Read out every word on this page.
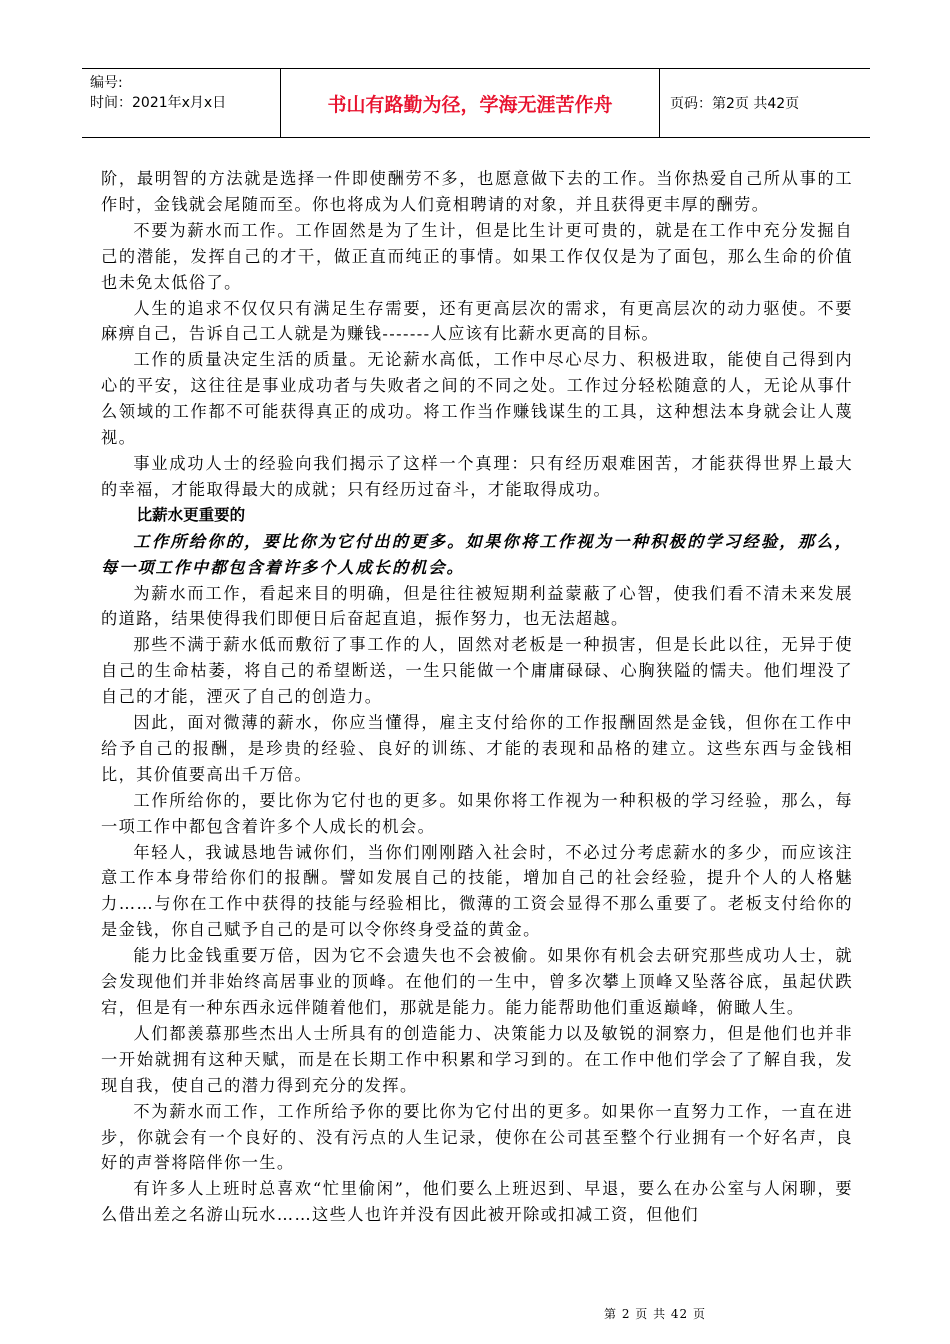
编号:
时间：2021年x月x日	书山有路勤为径，学海无涯苦作舟	页码：第2页 共42页

阶，最明智的方法就是选择一件即使酬劳不多，也愿意做下去的工作。当你热爱自己所从事的工作时，金钱就会尾随而至。你也将成为人们竟相聘请的对象，并且获得更丰厚的酬劳。

不要为薪水而工作。工作固然是为了生计，但是比生计更可贵的，就是在工作中充分发掘自己的潜能，发挥自己的才干，做正直而纯正的事情。如果工作仅仅是为了面包，那么生命的价值也未免太低俗了。

人生的追求不仅仅只有满足生存需要，还有更高层次的需求，有更高层次的动力驱使。不要麻痹自己，告诉自己工人就是为赚钱-------人应该有比薪水更高的目标。

工作的质量决定生活的质量。无论薪水高低，工作中尽心尽力、积极进取，能使自己得到内心的平安，这往往是事业成功者与失败者之间的不同之处。工作过分轻松随意的人，无论从事什么领域的工作都不可能获得真正的成功。将工作当作赚钱谋生的工具，这种想法本身就会让人蔑视。

事业成功人士的经验向我们揭示了这样一个真理：只有经历艰难困苦，才能获得世界上最大的幸福，才能取得最大的成就；只有经历过奋斗，才能取得成功。

比薪水更重要的

工作所给你的，要比你为它付出的更多。如果你将工作视为一种积极的学习经验，那么，每一项工作中都包含着许多个人成长的机会。

为薪水而工作，看起来目的明确，但是往往被短期利益蒙蔽了心智，使我们看不清未来发展的道路，结果使得我们即便日后奋起直追，振作努力，也无法超越。

那些不满于薪水低而敷衍了事工作的人，固然对老板是一种损害，但是长此以往，无异于使自己的生命枯萎，将自己的希望断送，一生只能做一个庸庸碌碌、心胸狭隘的懦夫。他们埋没了自己的才能，湮灭了自己的创造力。

因此，面对微薄的薪水，你应当懂得，雇主支付给你的工作报酬固然是金钱，但你在工作中给予自己的报酬，是珍贵的经验、良好的训练、才能的表现和品格的建立。这些东西与金钱相比，其价值要高出千万倍。

工作所给你的，要比你为它付也的更多。如果你将工作视为一种积极的学习经验，那么，每一项工作中都包含着许多个人成长的机会。

年轻人，我诚恳地告诫你们，当你们刚刚踏入社会时，不必过分考虑薪水的多少，而应该注意工作本身带给你们的报酬。譬如发展自己的技能，增加自己的社会经验，提升个人的人格魅力……与你在工作中获得的技能与经验相比，微薄的工资会显得不那么重要了。老板支付给你的是金钱，你自己赋予自己的是可以令你终身受益的黄金。

能力比金钱重要万倍，因为它不会遗失也不会被偷。如果你有机会去研究那些成功人士，就会发现他们并非始终高居事业的顶峰。在他们的一生中，曾多次攀上顶峰又坠落谷底，虽起伏跌宕，但是有一种东西永远伴随着他们，那就是能力。能力能帮助他们重返巅峰，俯瞰人生。

人们都羡慕那些杰出人士所具有的创造能力、决策能力以及敏锐的洞察力，但是他们也并非一开始就拥有这种天赋，而是在长期工作中积累和学习到的。在工作中他们学会了了解自我，发现自我，使自己的潜力得到充分的发挥。

不为薪水而工作，工作所给予你的要比你为它付出的更多。如果你一直努力工作，一直在进步，你就会有一个良好的、没有污点的人生记录，使你在公司甚至整个行业拥有一个好名声，良好的声誉将陪伴你一生。

有许多人上班时总喜欢“忙里偷闲”，他们要么上班迟到、早退，要么在办公室与人闲聊，要么借出差之名游山玩水……这些人也许并没有因此被开除或扣减工资，但他们

第 2 页 共 42 页
